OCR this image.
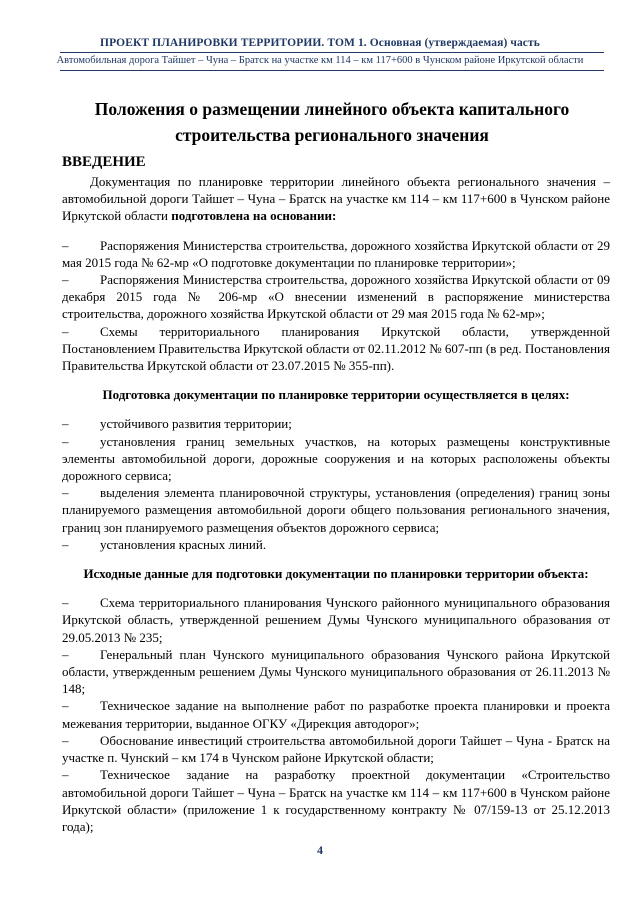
ПРОЕКТ ПЛАНИРОВКИ ТЕРРИТОРИИ. ТОМ 1. Основная (утверждаемая) часть
Автомобильная дорога Тайшет – Чуна – Братск на участке км 114 – км 117+600 в Чунском районе Иркутской области
Положения о размещении линейного объекта капитального
строительства регионального значения
ВВЕДЕНИЕ

Документация по планировке территории линейного объекта регионального значения – автомобильной дороги Тайшет – Чуна – Братск на участке км 114 – км 117+600 в Чунском районе Иркутской области подготовлена на основании:

– Распоряжения Министерства строительства, дорожного хозяйства Иркутской области от 29 мая 2015 года № 62-мр «О подготовке документации по планировке территории»;

– Распоряжения Министерства строительства, дорожного хозяйства Иркутской области от 09 декабря 2015 года № 206-мр «О внесении изменений в распоряжение министерства строительства, дорожного хозяйства Иркутской области от 29 мая 2015 года № 62-мр»;

– Схемы территориального планирования Иркутской области, утвержденной Постановлением Правительства Иркутской области от 02.11.2012 № 607-пп (в ред. Постановления Правительства Иркутской области от 23.07.2015 № 355-пп).

Подготовка документации по планировке территории осуществляется в целях:

– устойчивого развития территории;

– установления границ земельных участков, на которых размещены конструктивные элементы автомобильной дороги, дорожные сооружения и на которых расположены объекты дорожного сервиса;

– выделения элемента планировочной структуры, установления (определения) границ зоны планируемого размещения автомобильной дороги общего пользования регионального значения, границ зон планируемого размещения объектов дорожного сервиса;

– установления красных линий.

Исходные данные для подготовки документации по планировки территории объекта:

– Схема территориального планирования Чунского районного муниципального образования Иркутской область, утвержденной решением Думы Чунского муниципального образования от 29.05.2013 № 235;

– Генеральный план Чунского муниципального образования Чунского района Иркутской области, утвержденным решением Думы Чунского муниципального образования от 26.11.2013 № 148;

– Техническое задание на выполнение работ по разработке проекта планировки и проекта межевания территории, выданное ОГКУ «Дирекция автодорог»;

– Обоснование инвестиций строительства автомобильной дороги Тайшет – Чуна - Братск на участке п. Чунский – км 174 в Чунском районе Иркутской области;

– Техническое задание на разработку проектной документации «Строительство автомобильной дороги Тайшет – Чуна – Братск на участке км 114 – км 117+600 в Чунском районе Иркутской области» (приложение 1 к государственному контракту № 07/159-13 от 25.12.2013 года);

4
